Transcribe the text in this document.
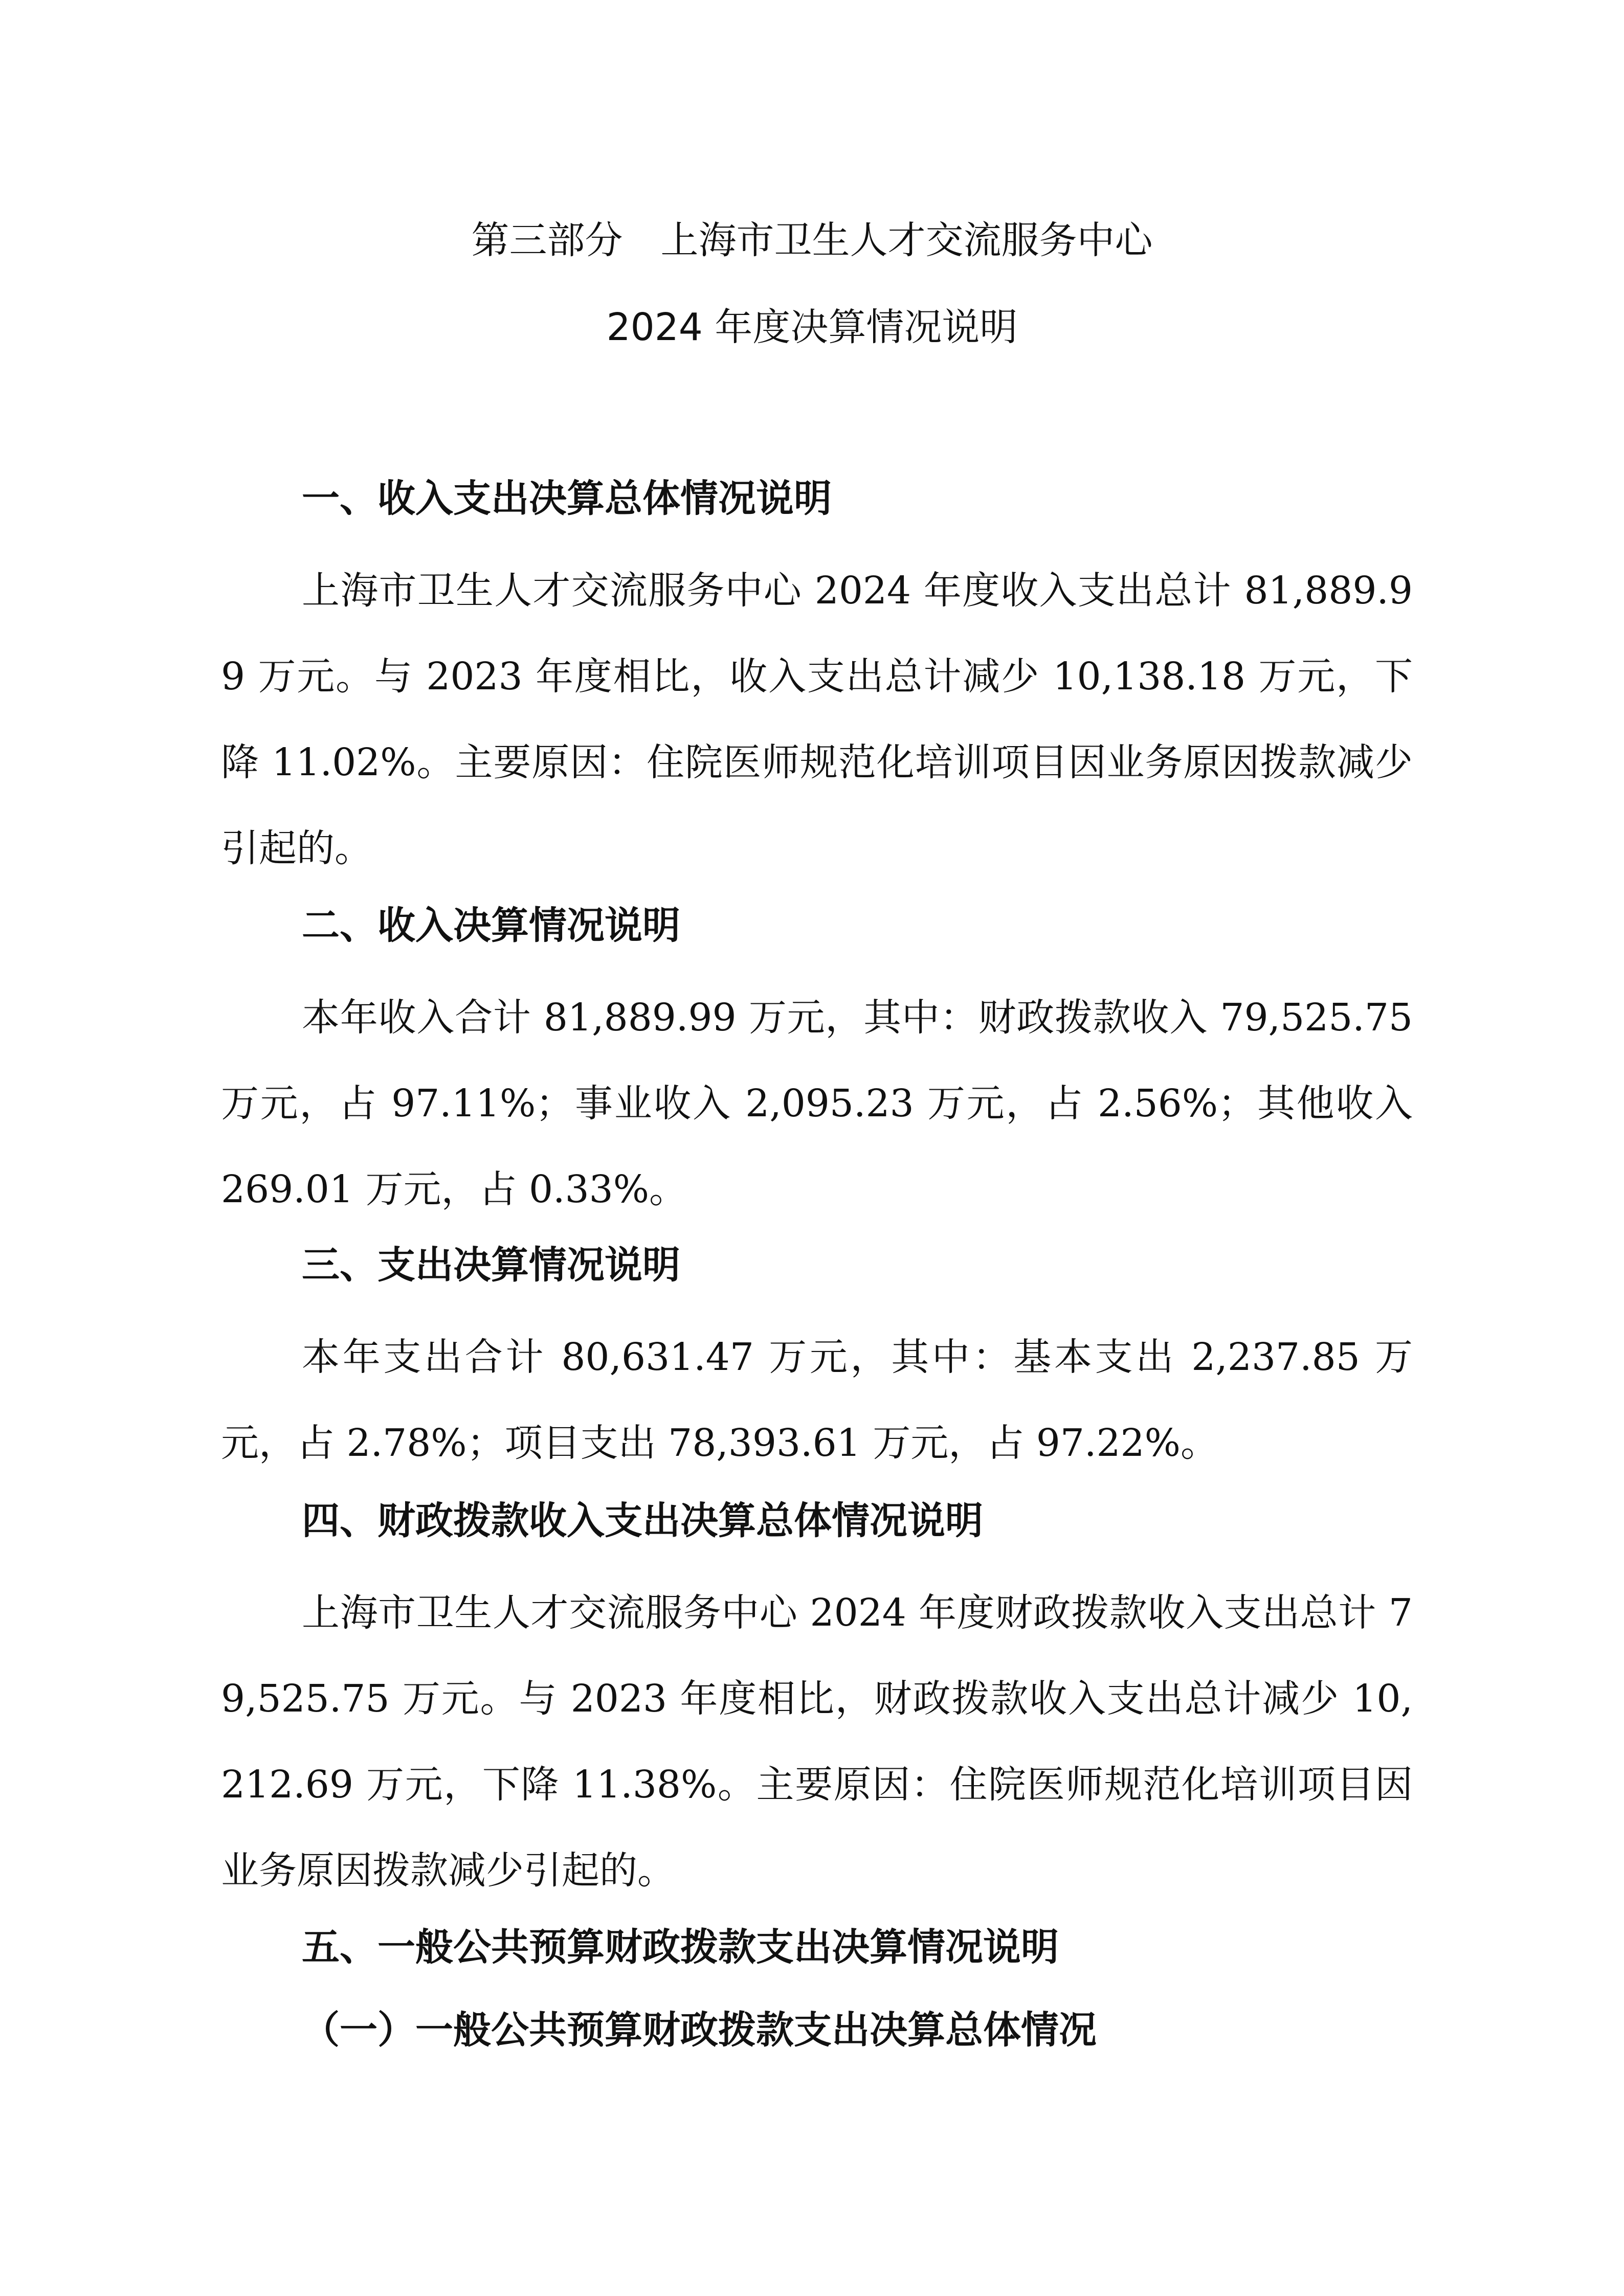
第三部分　上海市卫生人才交流服务中心
2024 年度决算情况说明
一、收入支出决算总体情况说明
上海市卫生人才交流服务中心 2024 年度收入支出总计 81,889.99 万元。与 2023 年度相比，收入支出总计减少 10,138.18 万元，下降 11.02%。主要原因：住院医师规范化培训项目因业务原因拨款减少引起的。
二、收入决算情况说明
本年收入合计 81,889.99 万元，其中：财政拨款收入 79,525.75 万元，占 97.11%；事业收入 2,095.23 万元，占 2.56%；其他收入 269.01 万元，占 0.33%。
三、支出决算情况说明
本年支出合计 80,631.47 万元，其中：基本支出 2,237.85 万元，占 2.78%；项目支出 78,393.61 万元，占 97.22%。
四、财政拨款收入支出决算总体情况说明
上海市卫生人才交流服务中心 2024 年度财政拨款收入支出总计 79,525.75 万元。与 2023 年度相比，财政拨款收入支出总计减少 10,212.69 万元，下降 11.38%。主要原因：住院医师规范化培训项目因业务原因拨款减少引起的。
五、一般公共预算财政拨款支出决算情况说明
（一）一般公共预算财政拨款支出决算总体情况
